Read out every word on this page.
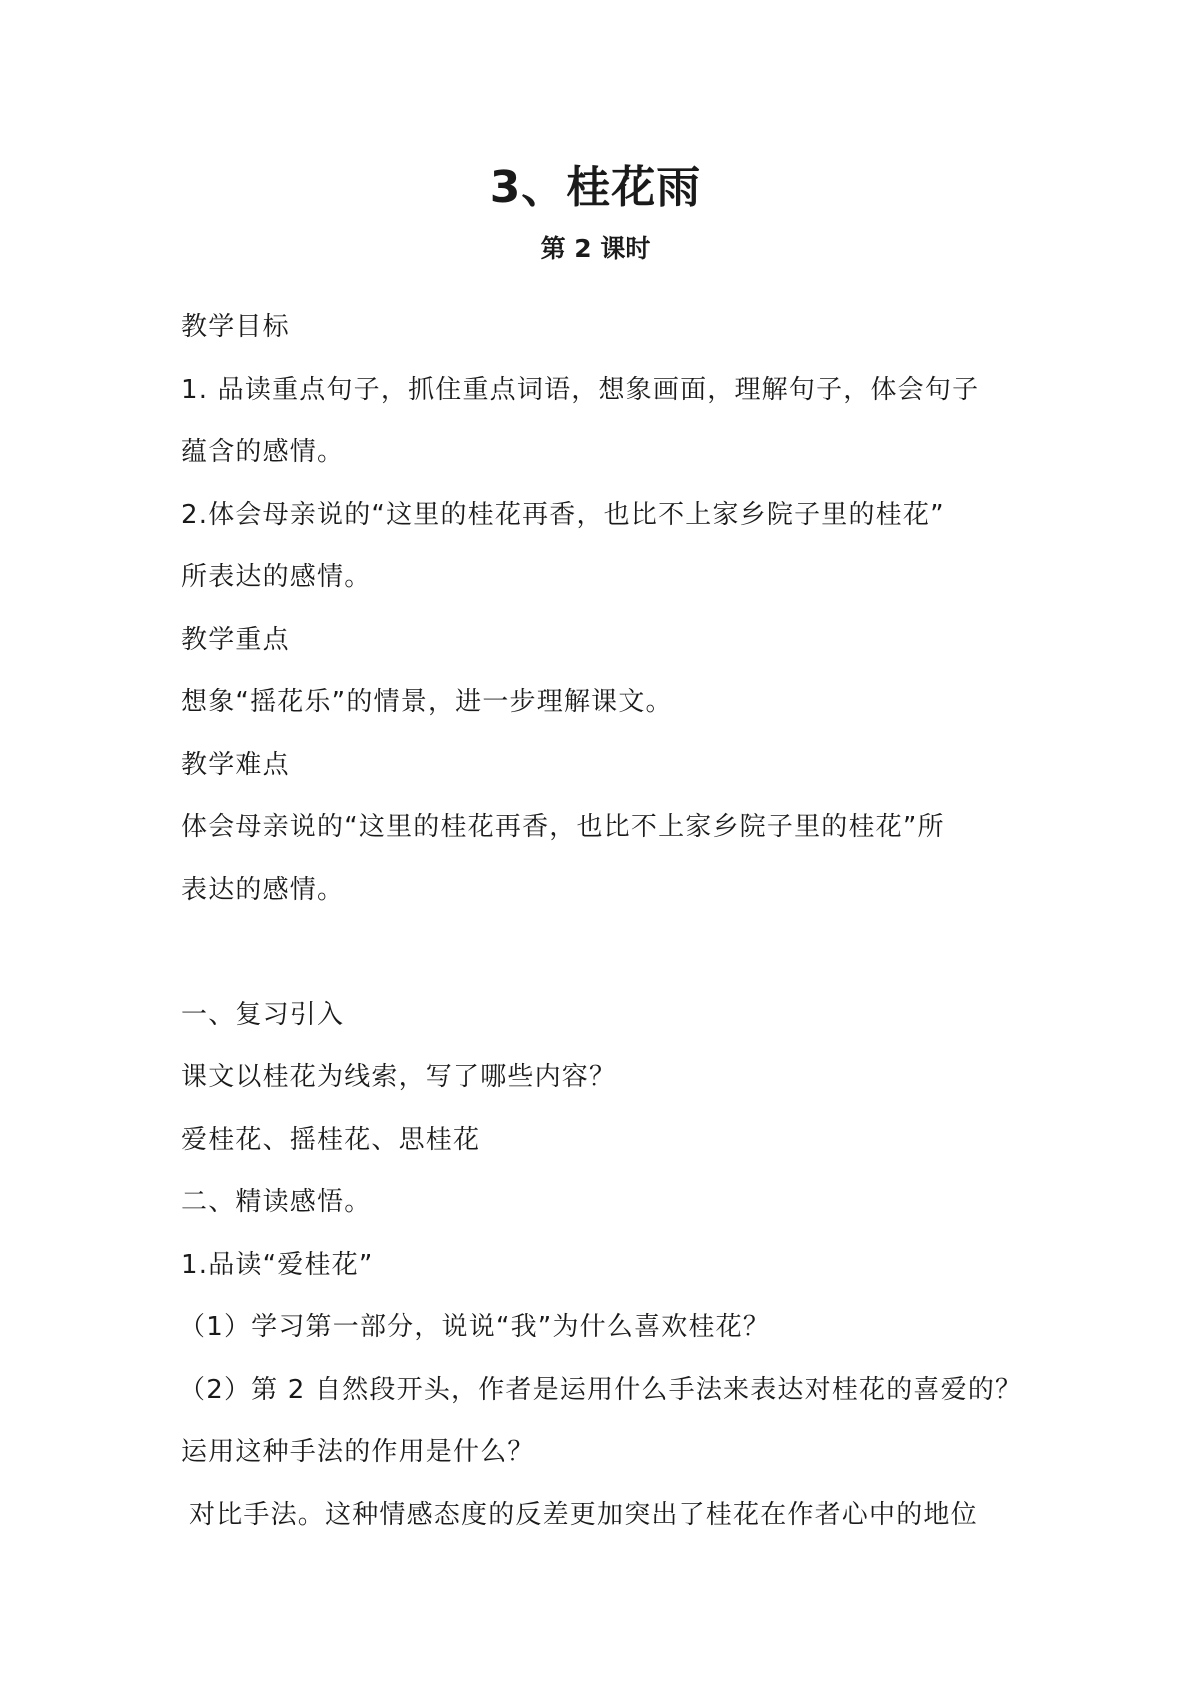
3、桂花雨
第 2 课时
教学目标
1. 品读重点句子，抓住重点词语，想象画面，理解句子，体会句子
蕴含的感情。
2.体会母亲说的“这里的桂花再香，也比不上家乡院子里的桂花”
所表达的感情。
教学重点
想象“摇花乐”的情景，进一步理解课文。
教学难点
体会母亲说的“这里的桂花再香，也比不上家乡院子里的桂花”所
表达的感情。
一、复习引入
课文以桂花为线索，写了哪些内容？
爱桂花、摇桂花、思桂花
二、精读感悟。
1.品读“爱桂花”
（1）学习第一部分，说说“我”为什么喜欢桂花？
（2）第 2 自然段开头，作者是运用什么手法来表达对桂花的喜爱的？
运用这种手法的作用是什么？
对比手法。这种情感态度的反差更加突出了桂花在作者心中的地位
